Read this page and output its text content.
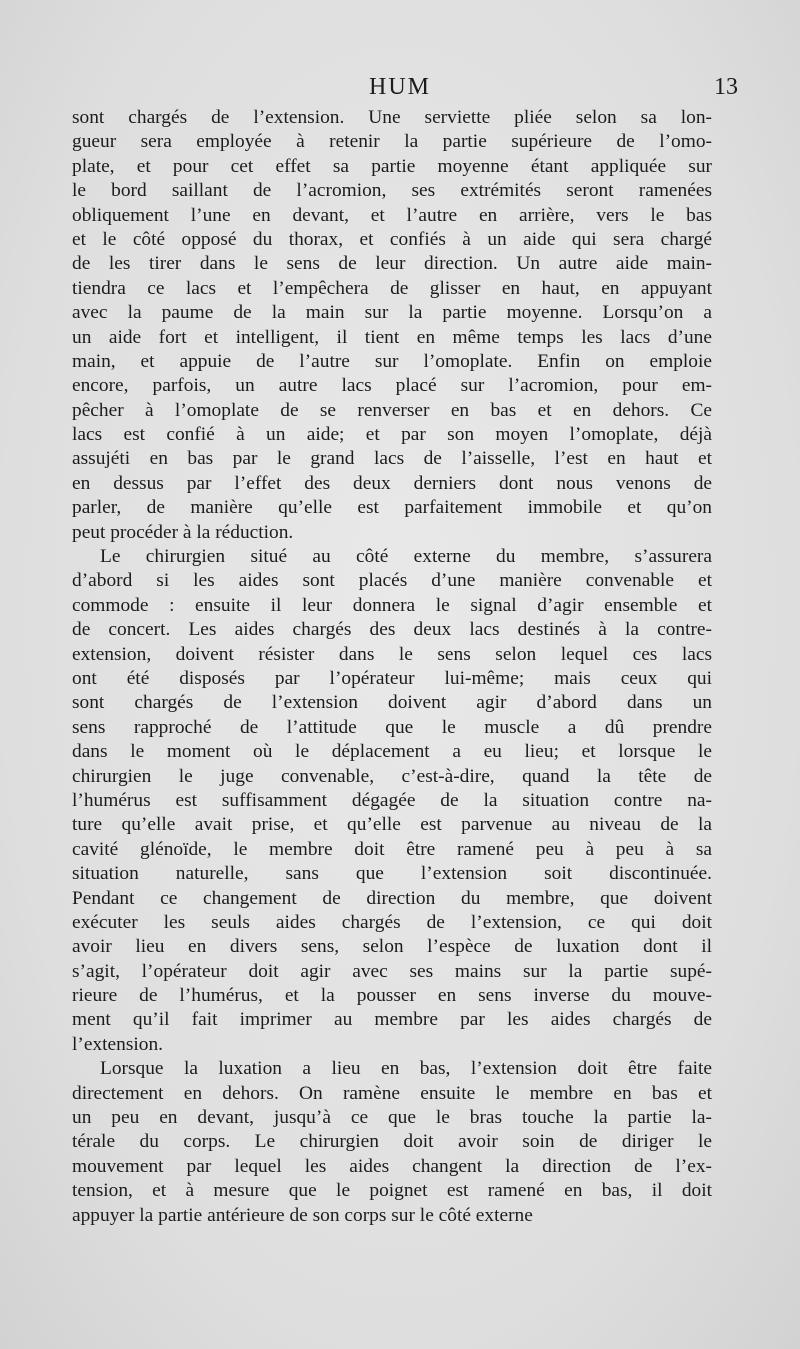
HUM	13
sont chargés de l’extension. Une serviette pliée selon sa lon-
gueur sera employée à retenir la partie supérieure de l’omo-
plate, et pour cet effet sa partie moyenne étant appliquée sur
le bord saillant de l’acromion, ses extrémités seront ramenées
obliquement l’une en devant, et l’autre en arrière, vers le bas
et le côté opposé du thorax, et confiés à un aide qui sera chargé
de les tirer dans le sens de leur direction. Un autre aide main-
tiendra ce lacs et l’empêchera de glisser en haut, en appuyant
avec la paume de la main sur la partie moyenne. Lorsqu’on a
un aide fort et intelligent, il tient en même temps les lacs d’une
main, et appuie de l’autre sur l’omoplate. Enfin on emploie
encore, parfois, un autre lacs placé sur l’acromion, pour em-
pêcher à l’omoplate de se renverser en bas et en dehors. Ce
lacs est confié à un aide; et par son moyen l’omoplate, déjà
assujéti en bas par le grand lacs de l’aisselle, l’est en haut et
en dessus par l’effet des deux derniers dont nous venons de
parler, de manière qu’elle est parfaitement immobile et qu’on
peut procéder à la réduction.
Le chirurgien situé au côté externe du membre, s’assurera
d’abord si les aides sont placés d’une manière convenable et
commode : ensuite il leur donnera le signal d’agir ensemble et
de concert. Les aides chargés des deux lacs destinés à la contre-
extension, doivent résister dans le sens selon lequel ces lacs
ont été disposés par l’opérateur lui-même; mais ceux qui
sont chargés de l’extension doivent agir d’abord dans un
sens rapproché de l’attitude que le muscle a dû prendre
dans le moment où le déplacement a eu lieu; et lorsque le
chirurgien le juge convenable, c’est-à-dire, quand la tête de
l’humérus est suffisamment dégagée de la situation contre na-
ture qu’elle avait prise, et qu’elle est parvenue au niveau de la
cavité glénoïde, le membre doit être ramené peu à peu à sa
situation naturelle, sans que l’extension soit discontinuée.
Pendant ce changement de direction du membre, que doivent
exécuter les seuls aides chargés de l’extension, ce qui doit
avoir lieu en divers sens, selon l’espèce de luxation dont il
s’agit, l’opérateur doit agir avec ses mains sur la partie supé-
rieure de l’humérus, et la pousser en sens inverse du mouve-
ment qu’il fait imprimer au membre par les aides chargés de
l’extension.
Lorsque la luxation a lieu en bas, l’extension doit être faite
directement en dehors. On ramène ensuite le membre en bas et
un peu en devant, jusqu’à ce que le bras touche la partie la-
térale du corps. Le chirurgien doit avoir soin de diriger le
mouvement par lequel les aides changent la direction de l’ex-
tension, et à mesure que le poignet est ramené en bas, il doit
appuyer la partie antérieure de son corps sur le côté externe
